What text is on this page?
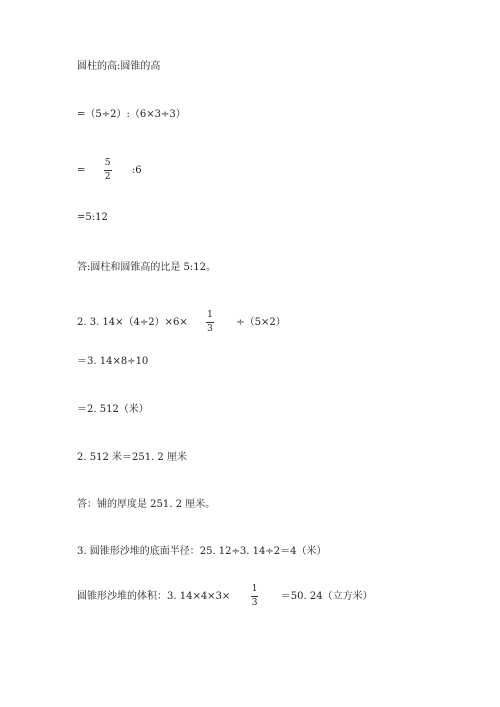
圆柱的高:圆锥的高
=（5÷2）:（6×3÷3）
= $\frac{5}{2}$ :6
=5:12
答:圆柱和圆锥高的比是 5:12。
2. 3. $14\times(4\div 2)\times 6\times \frac{1}{3} \div(5\times 2)$
＝3. 14×8÷10
＝2. 512（米）
2. 512 米＝251. 2 厘米
答：铺的厚度是 251. 2 厘米。
3. 圆锥形沙堆的底面半径：25. 12÷3. 14÷2＝4（米）
圆锥形沙堆的体积：3. $14\times 4\times 3\times \frac{1}{3} =50$. 24（立方米）
